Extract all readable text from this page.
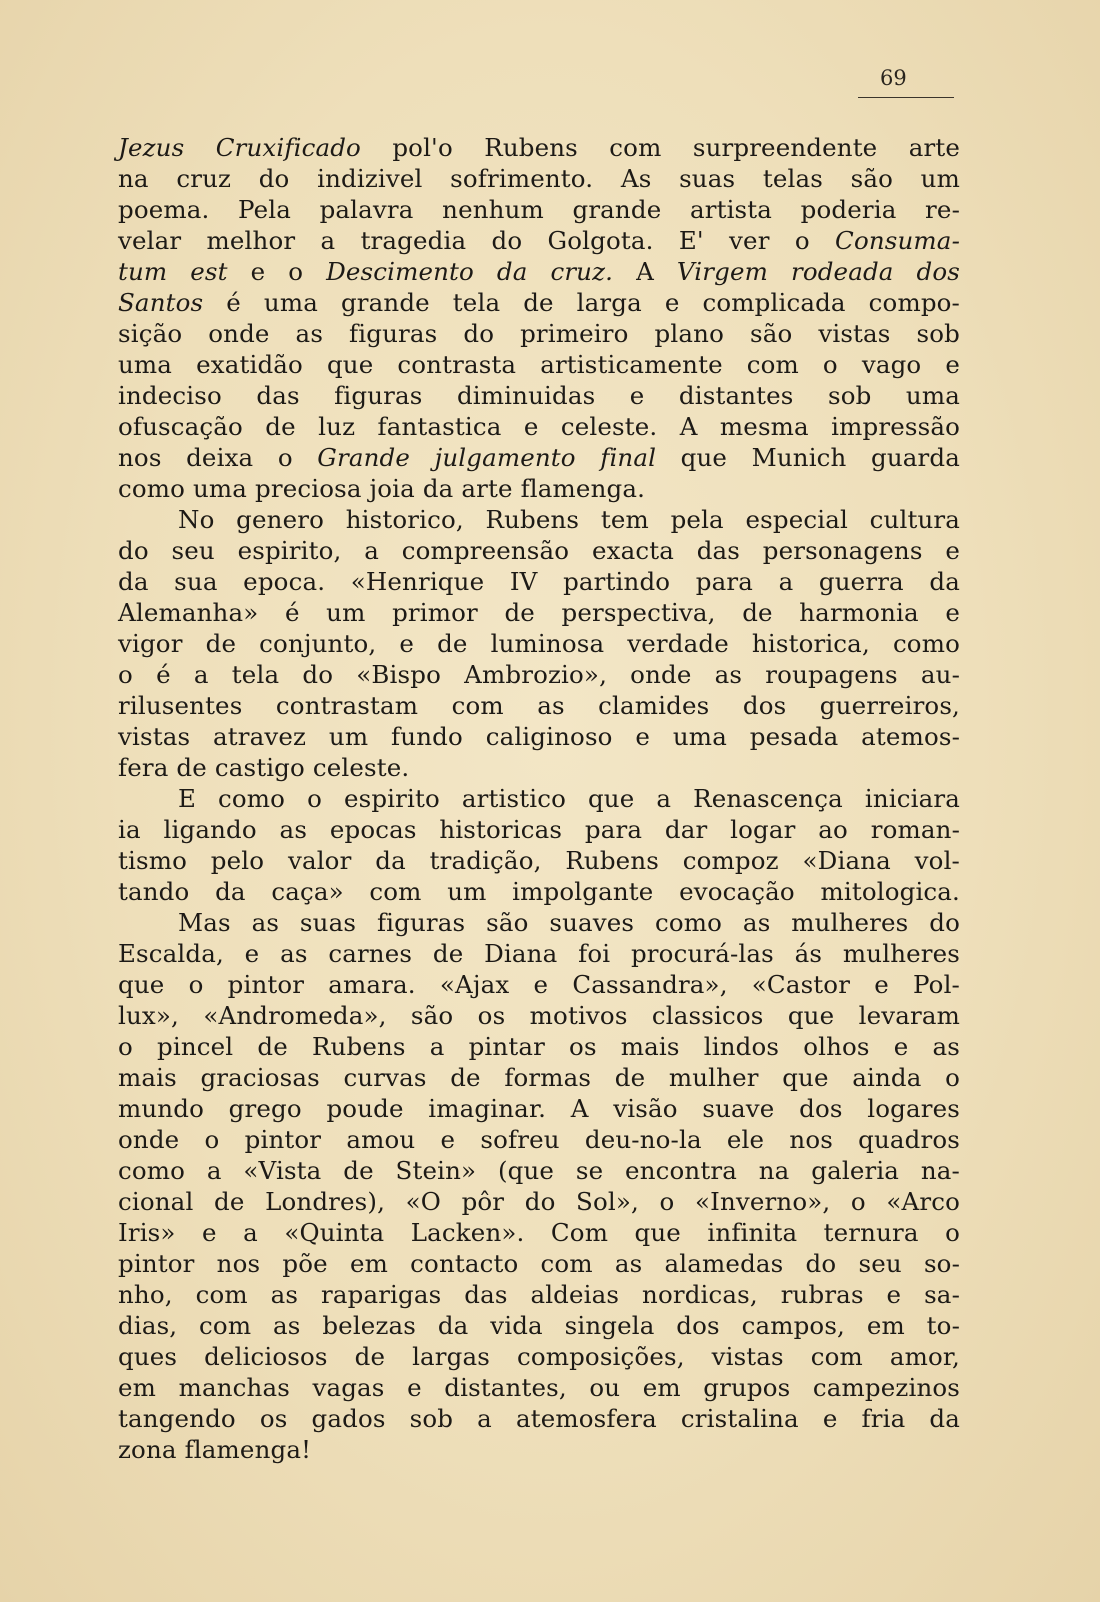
69
Jezus Cruxificado pol'o Rubens com surpreendente arte
na cruz do indizivel sofrimento. As suas telas são um
poema. Pela palavra nenhum grande artista poderia re-
velar melhor a tragedia do Golgota. E' ver o Consuma-
tum est e o Descimento da cruz. A Virgem rodeada dos
Santos é uma grande tela de larga e complicada compo-
sição onde as figuras do primeiro plano são vistas sob
uma exatidão que contrasta artisticamente com o vago e
indeciso das figuras diminuidas e distantes sob uma
ofuscação de luz fantastica e celeste. A mesma impressão
nos deixa o Grande julgamento final que Munich guarda
como uma preciosa joia da arte flamenga.
No genero historico, Rubens tem pela especial cultura
do seu espirito, a compreensão exacta das personagens e
da sua epoca. «Henrique IV partindo para a guerra da
Alemanha» é um primor de perspectiva, de harmonia e
vigor de conjunto, e de luminosa verdade historica, como
o é a tela do «Bispo Ambrozio», onde as roupagens au-
rilusentes contrastam com as clamides dos guerreiros,
vistas atravez um fundo caliginoso e uma pesada atemos-
fera de castigo celeste.
E como o espirito artistico que a Renascença iniciara
ia ligando as epocas historicas para dar logar ao roman-
tismo pelo valor da tradição, Rubens compoz «Diana vol-
tando da caça» com um impolgante evocação mitologica.
Mas as suas figuras são suaves como as mulheres do
Escalda, e as carnes de Diana foi procurá-las ás mulheres
que o pintor amara. «Ajax e Cassandra», «Castor e Pol-
lux», «Andromeda», são os motivos classicos que levaram
o pincel de Rubens a pintar os mais lindos olhos e as
mais graciosas curvas de formas de mulher que ainda o
mundo grego poude imaginar. A visão suave dos logares
onde o pintor amou e sofreu deu-no-la ele nos quadros
como a «Vista de Stein» (que se encontra na galeria na-
cional de Londres), «O pôr do Sol», o «Inverno», o «Arco
Iris» e a «Quinta Lacken». Com que infinita ternura o
pintor nos põe em contacto com as alamedas do seu so-
nho, com as raparigas das aldeias nordicas, rubras e sa-
dias, com as belezas da vida singela dos campos, em to-
ques deliciosos de largas composições, vistas com amor,
em manchas vagas e distantes, ou em grupos campezinos
tangendo os gados sob a atemosfera cristalina e fria da
zona flamenga!
